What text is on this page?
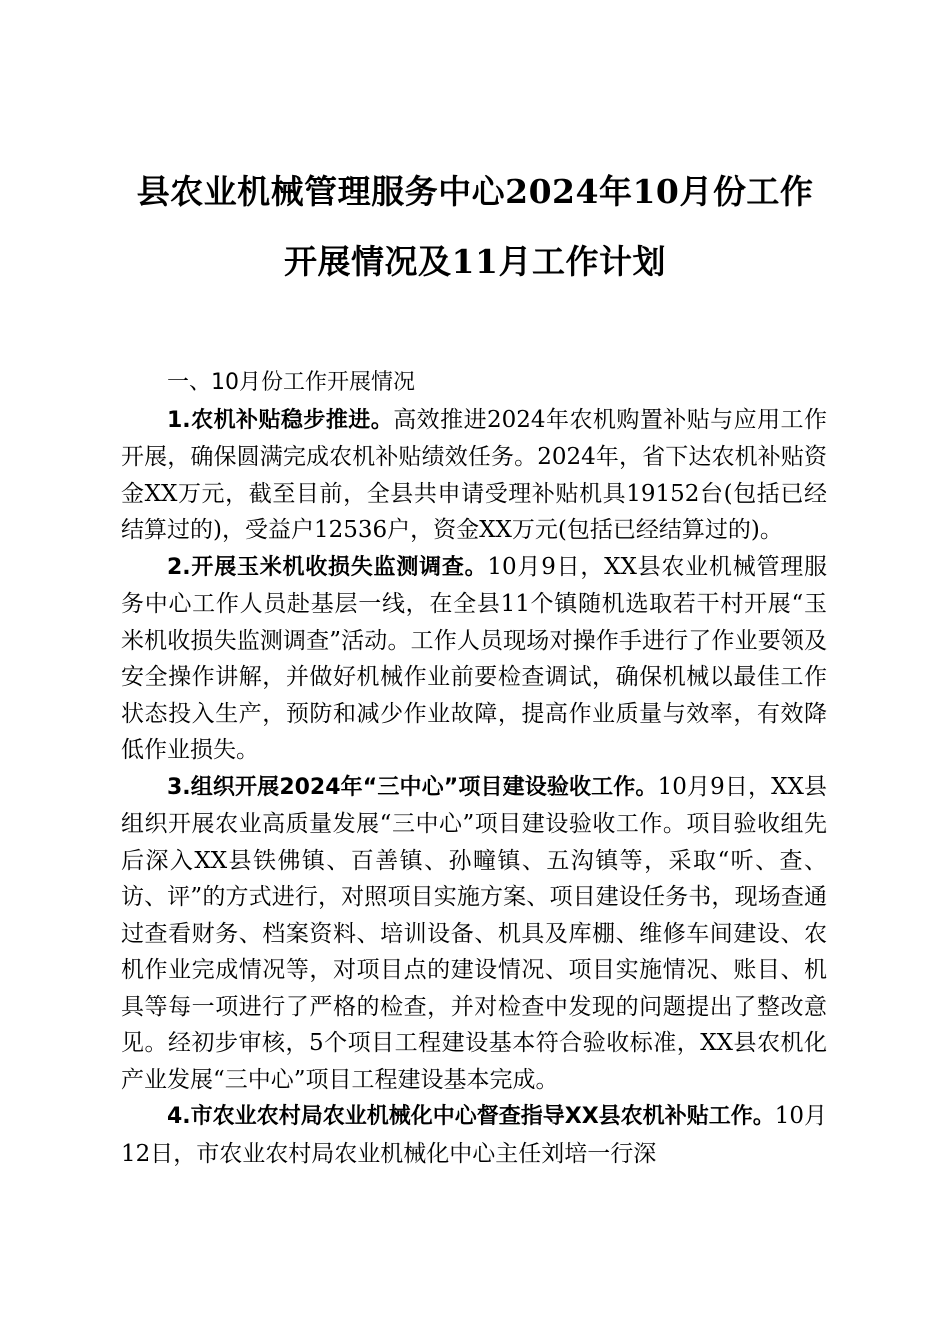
县农业机械管理服务中心2024年10月份工作
开展情况及11月工作计划

一、10月份工作开展情况

1.农机补贴稳步推进。高效推进2024年农机购置补贴与应用工作开展，确保圆满完成农机补贴绩效任务。2024年，省下达农机补贴资金XX万元，截至目前，全县共申请受理补贴机具19152台(包括已经结算过的)，受益户12536户，资金XX万元(包括已经结算过的)。

2.开展玉米机收损失监测调查。10月9日，XX县农业机械管理服务中心工作人员赴基层一线，在全县11个镇随机选取若干村开展“玉米机收损失监测调查”活动。工作人员现场对操作手进行了作业要领及安全操作讲解，并做好机械作业前要检查调试，确保机械以最佳工作状态投入生产，预防和减少作业故障，提高作业质量与效率，有效降低作业损失。

3.组织开展2024年“三中心”项目建设验收工作。10月9日，XX县组织开展农业高质量发展“三中心”项目建设验收工作。项目验收组先后深入XX县铁佛镇、百善镇、孙疃镇、五沟镇等，采取“听、查、访、评”的方式进行，对照项目实施方案、项目建设任务书，现场查通过查看财务、档案资料、培训设备、机具及库棚、维修车间建设、农机作业完成情况等，对项目点的建设情况、项目实施情况、账目、机具等每一项进行了严格的检查，并对检查中发现的问题提出了整改意见。经初步审核，5个项目工程建设基本符合验收标准，XX县农机化产业发展“三中心”项目工程建设基本完成。

4.市农业农村局农业机械化中心督查指导XX县农机补贴工作。10月12日，市农业农村局农业机械化中心主任刘培一行深
